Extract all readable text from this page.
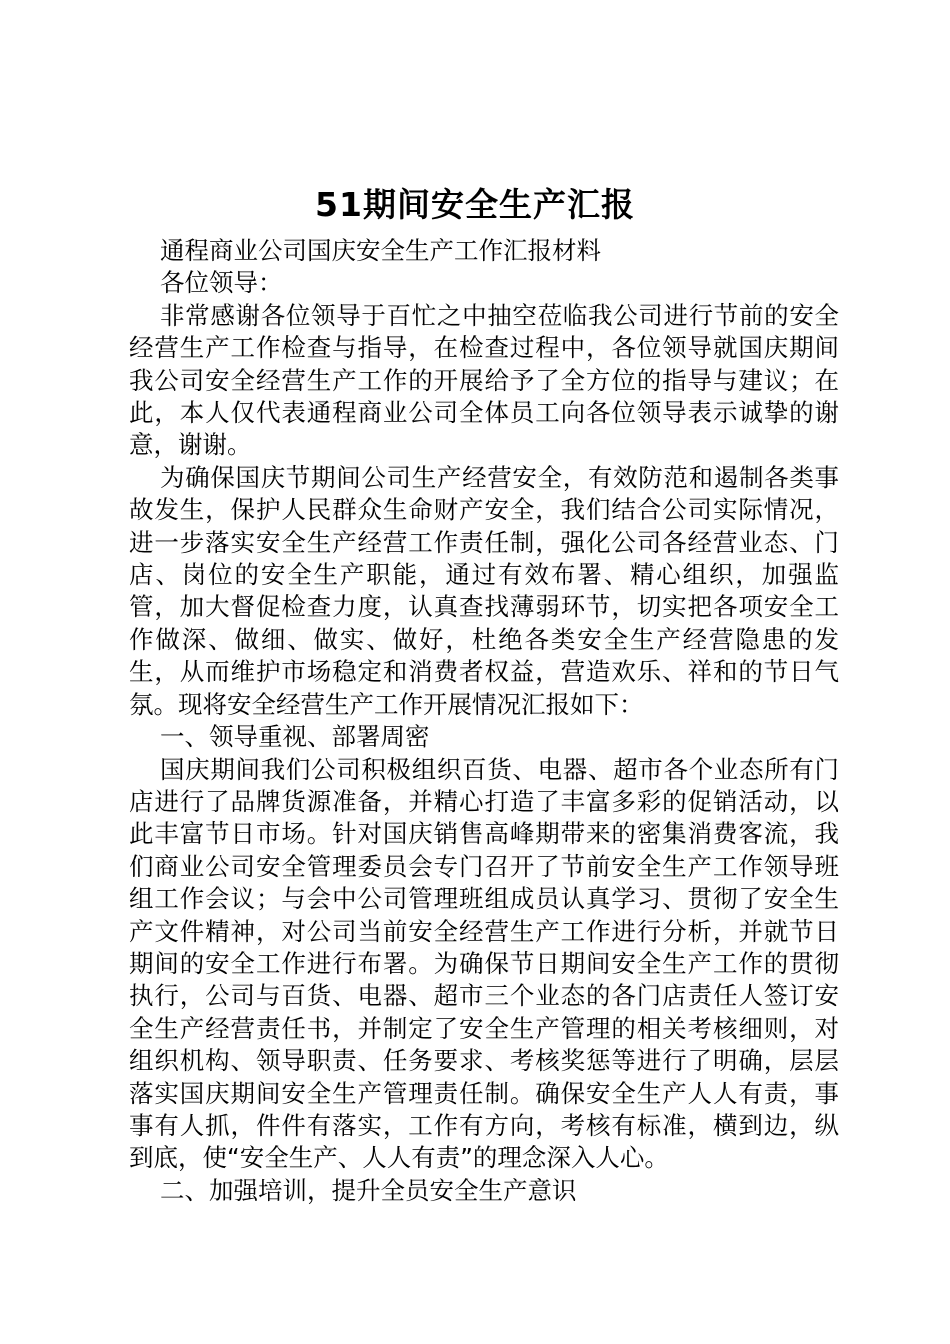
51期间安全生产汇报

通程商业公司国庆安全生产工作汇报材料

各位领导：

非常感谢各位领导于百忙之中抽空莅临我公司进行节前的安全经营生产工作检查与指导，在检查过程中，各位领导就国庆期间我公司安全经营生产工作的开展给予了全方位的指导与建议；在此，本人仅代表通程商业公司全体员工向各位领导表示诚挚的谢意，谢谢。

为确保国庆节期间公司生产经营安全，有效防范和遏制各类事故发生，保护人民群众生命财产安全，我们结合公司实际情况，进一步落实安全生产经营工作责任制，强化公司各经营业态、门店、岗位的安全生产职能，通过有效布署、精心组织，加强监管，加大督促检查力度，认真查找薄弱环节，切实把各项安全工作做深、做细、做实、做好，杜绝各类安全生产经营隐患的发生，从而维护市场稳定和消费者权益，营造欢乐、祥和的节日气氛。现将安全经营生产工作开展情况汇报如下：

一、领导重视、部署周密

国庆期间我们公司积极组织百货、电器、超市各个业态所有门店进行了品牌货源准备，并精心打造了丰富多彩的促销活动，以此丰富节日市场。针对国庆销售高峰期带来的密集消费客流，我们商业公司安全管理委员会专门召开了节前安全生产工作领导班组工作会议；与会中公司管理班组成员认真学习、贯彻了安全生产文件精神，对公司当前安全经营生产工作进行分析，并就节日期间的安全工作进行布署。为确保节日期间安全生产工作的贯彻执行，公司与百货、电器、超市三个业态的各门店责任人签订安全生产经营责任书，并制定了安全生产管理的相关考核细则，对组织机构、领导职责、任务要求、考核奖惩等进行了明确，层层落实国庆期间安全生产管理责任制。确保安全生产人人有责，事事有人抓，件件有落实，工作有方向，考核有标准，横到边，纵到底，使“安全生产、人人有责”的理念深入人心。

二、加强培训，提升全员安全生产意识
